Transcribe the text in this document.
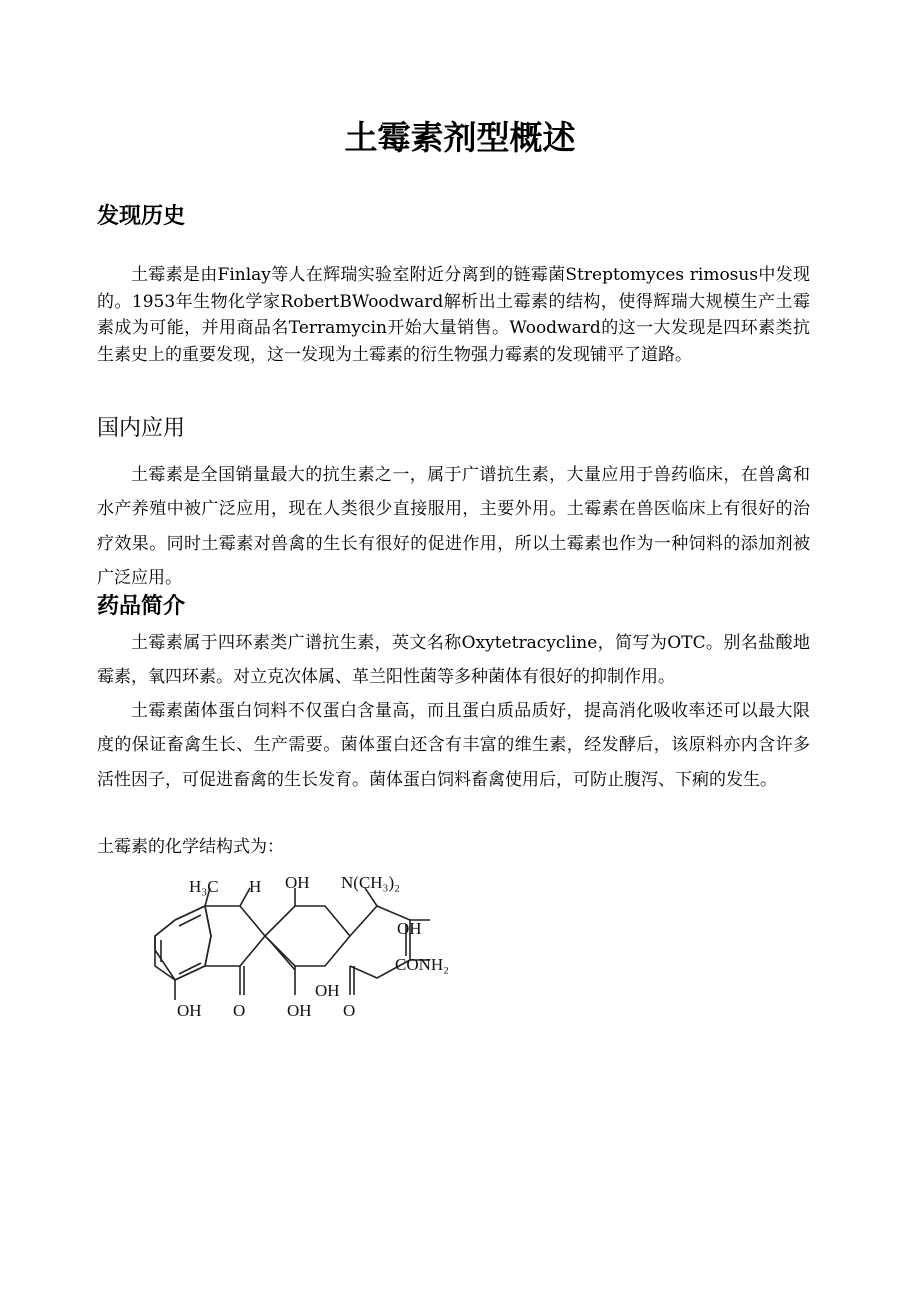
土霉素剂型概述
发现历史

土霉素是由Finlay等人在辉瑞实验室附近分离到的链霉菌Streptomyces rimosus中发现的。1953年生物化学家RobertBWoodward解析出土霉素的结构，使得辉瑞大规模生产土霉素成为可能，并用商品名Terramycin开始大量销售。Woodward的这一大发现是四环素类抗生素史上的重要发现，这一发现为土霉素的衍生物强力霉素的发现铺平了道路。

国内应用

土霉素是全国销量最大的抗生素之一，属于广谱抗生素，大量应用于兽药临床，在兽禽和水产养殖中被广泛应用，现在人类很少直接服用，主要外用。土霉素在兽医临床上有很好的治疗效果。同时土霉素对兽禽的生长有很好的促进作用，所以土霉素也作为一种饲料的添加剂被广泛应用。

药品简介

土霉素属于四环素类广谱抗生素，英文名称Oxytetracycline，简写为OTC。别名盐酸地霉素，氧四环素。对立克次体属、革兰阳性菌等多种菌体有很好的抑制作用。

土霉素菌体蛋白饲料不仅蛋白含量高，而且蛋白质品质好，提高消化吸收率还可以最大限度的保证畜禽生长、生产需要。菌体蛋白还含有丰富的维生素，经发酵后，该原料亦内含许多活性因子，可促进畜禽的生长发育。菌体蛋白饲料畜禽使用后，可防止腹泻、下痢的发生。

土霉素的化学结构式为：

H₃C H OH N(CH₃)₂
OH
CONH₂
OH
OH O OH O
